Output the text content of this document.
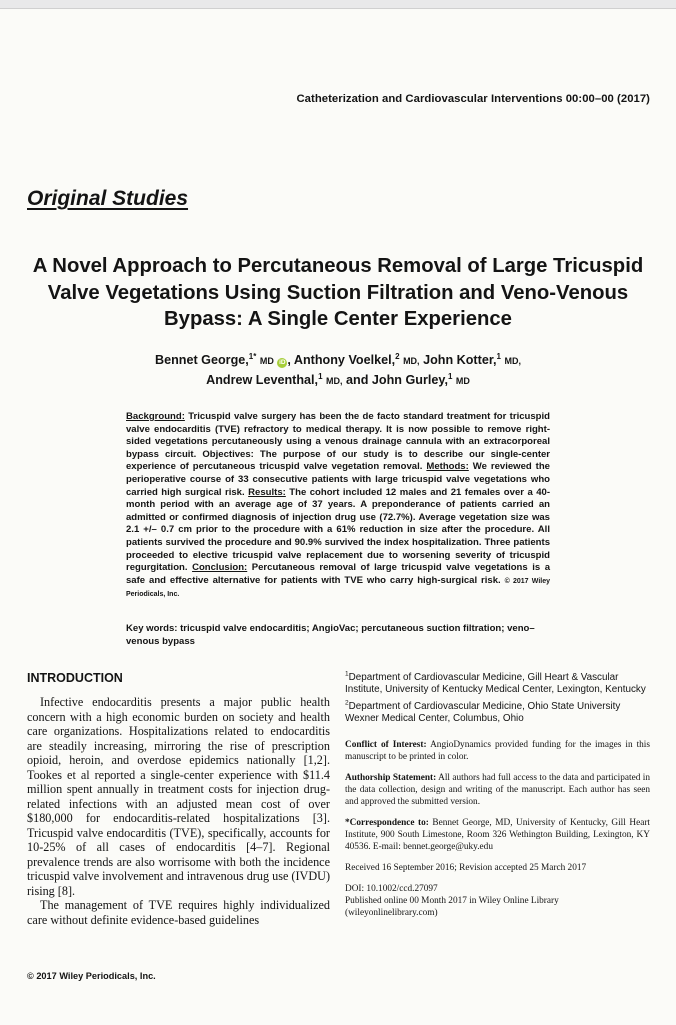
Catheterization and Cardiovascular Interventions 00:00–00 (2017)
Original Studies
A Novel Approach to Percutaneous Removal of Large Tricuspid Valve Vegetations Using Suction Filtration and Veno-Venous Bypass: A Single Center Experience
Bennet George,$^{1*}$ MD iD , Anthony Voelkel,$^2$ MD, John Kotter,$^1$ MD,
Andrew Leventhal,$^1$ MD, and John Gurley,$^1$ MD
Background: Tricuspid valve surgery has been the de facto standard treatment for tricuspid valve endocarditis (TVE) refractory to medical therapy. It is now possible to remove right-sided vegetations percutaneously using a venous drainage cannula with an extracorporeal bypass circuit. Objectives: The purpose of our study is to describe our single-center experience of percutaneous tricuspid valve vegetation removal. Methods: We reviewed the perioperative course of 33 consecutive patients with large tricuspid valve vegetations who carried high surgical risk. Results: The cohort included 12 males and 21 females over a 40-month period with an average age of 37 years. A preponderance of patients carried an admitted or confirmed diagnosis of injection drug use (72.7%). Average vegetation size was 2.1 +/– 0.7 cm prior to the procedure with a 61% reduction in size after the procedure. All patients survived the procedure and 90.9% survived the index hospitalization. Three patients proceeded to elective tricuspid valve replacement due to worsening severity of tricuspid regurgitation. Conclusion: Percutaneous removal of large tricuspid valve vegetations is a safe and effective alternative for patients with TVE who carry high-surgical risk. © 2017 Wiley Periodicals, Inc.
Key words: tricuspid valve endocarditis; AngioVac; percutaneous suction filtration; veno–venous bypass
INTRODUCTION

Infective endocarditis presents a major public health concern with a high economic burden on society and health care organizations. Hospitalizations related to endocarditis are steadily increasing, mirroring the rise of prescription opioid, heroin, and overdose epidemics nationally [1,2]. Tookes et al reported a single-center experience with $11.4 million spent annually in treatment costs for injection drug-related infections with an adjusted mean cost of over $180,000 for endocarditis-related hospitalizations [3]. Tricuspid valve endocarditis (TVE), specifically, accounts for 10-25% of all cases of endocarditis [4–7]. Regional prevalence trends are also worrisome with both the incidence tricuspid valve involvement and intravenous drug use (IVDU) rising [8].

The management of TVE requires highly individualized care without definite evidence-based guidelines

$^1$Department of Cardiovascular Medicine, Gill Heart & Vascular Institute, University of Kentucky Medical Center, Lexington, Kentucky

$^2$Department of Cardiovascular Medicine, Ohio State University Wexner Medical Center, Columbus, Ohio

Conflict of Interest: AngioDynamics provided funding for the images in this manuscript to be printed in color.

Authorship Statement: All authors had full access to the data and participated in the data collection, design and writing of the manuscript. Each author has seen and approved the submitted version.

*Correspondence to: Bennet George, MD, University of Kentucky, Gill Heart Institute, 900 South Limestone, Room 326 Wethington Building, Lexington, KY 40536. E-mail: bennet.george@uky.edu

Received 16 September 2016; Revision accepted 25 March 2017

DOI: 10.1002/ccd.27097

Published online 00 Month 2017 in Wiley Online Library

(wileyonlinelibrary.com)

© 2017 Wiley Periodicals, Inc.
